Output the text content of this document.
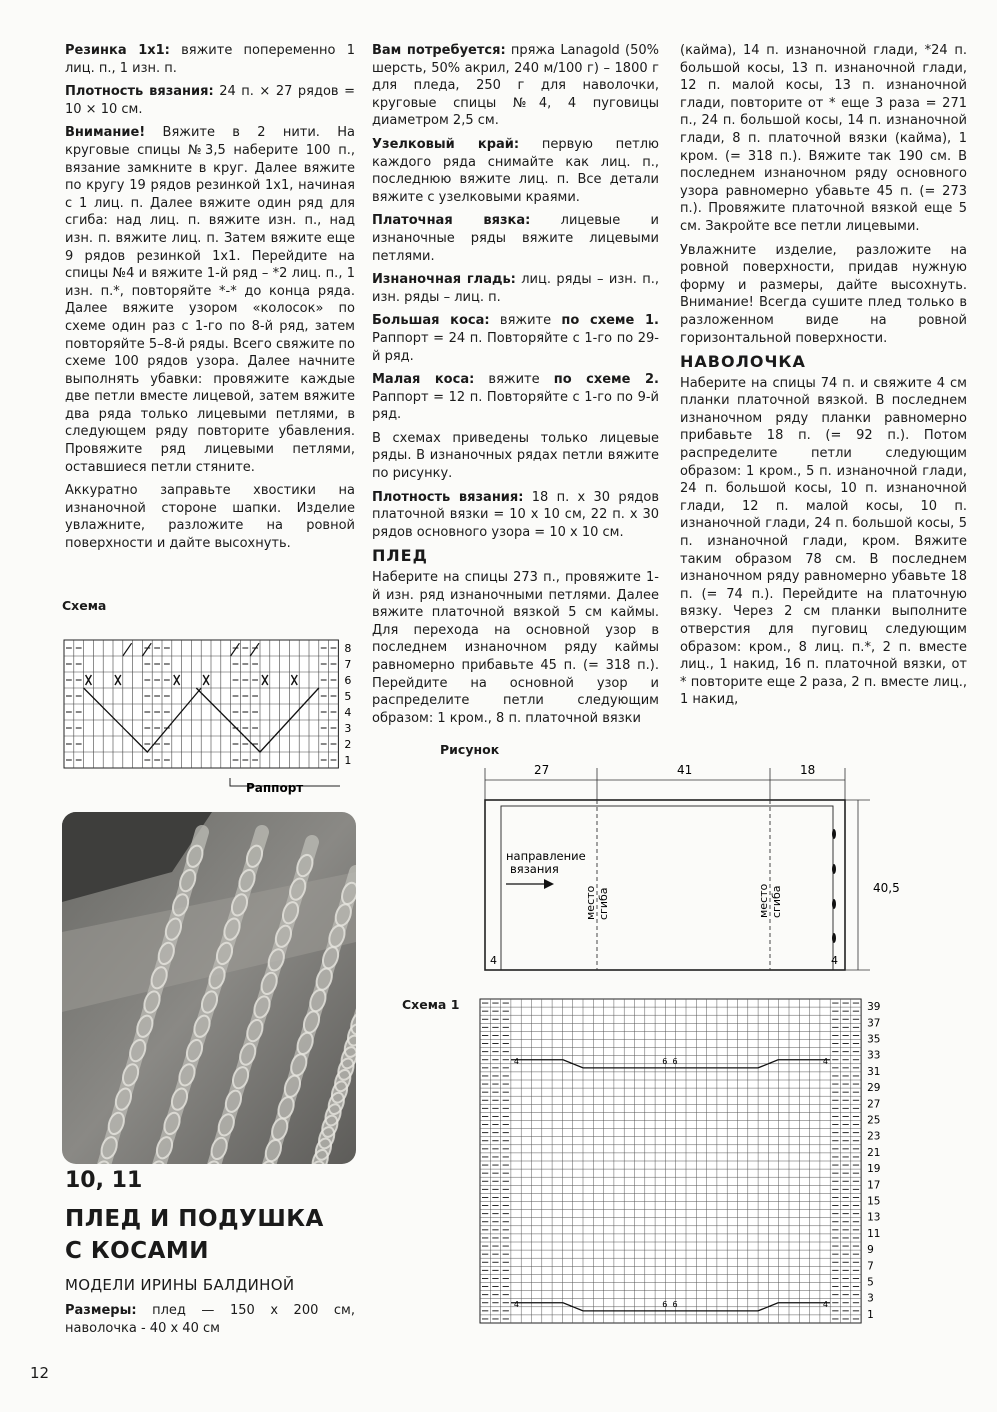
Резинка 1x1: вяжите попеременно 1 лиц. п., 1 изн. п.

Плотность вязания: 24 п. × 27 рядов = 10 × 10 см.

Внимание! Вяжите в 2 нити. На круговые спицы №3,5 наберите 100 п., вязание замкните в круг. Далее вяжите по кругу 19 рядов резинкой 1x1, начиная с 1 лиц. п. Далее вяжите один ряд для сгиба: над лиц. п. вяжите изн. п., над изн. п. вяжите лиц. п. Затем вяжите еще 9 рядов резинкой 1x1. Перейдите на спицы №4 и вяжите 1-й ряд – *2 лиц. п., 1 изн. п.*, повторяйте *-* до конца ряда. Далее вяжите узором «колосок» по схеме один раз с 1-го по 8-й ряд, затем повторяйте 5–8-й ряды. Всего свяжите по схеме 100 рядов узора. Далее начните выполнять убавки: провяжите каждые две петли вместе лицевой, затем вяжите два ряда только лицевыми петлями, в следующем ряду повторите убавления. Провяжите ряд лицевыми петлями, оставшиеся петли стяните.

Аккуратно заправьте хвостики на изнаночной стороне шапки. Изделие увлажните, разложите на ровной поверхности и дайте высохнуть.

Схема
1
2
3
4
5
6
7
8
Раппорт
10, 11
ПЛЕД И ПОДУШКА
С КОСАМИ
МОДЕЛИ ИРИНЫ БАЛДИНОЙ
Размеры: плед — 150 х 200 см, наволочка - 40 х 40 см
12

Вам потребуется: пряжа Lanagold (50% шерсть, 50% акрил, 240 м/100 г) – 1800 г для пледа, 250 г для наволочки, круговые спицы №4, 4 пуговицы диаметром 2,5 см.

Узелковый край: первую петлю каждого ряда снимайте как лиц. п., последнюю вяжите лиц. п. Все детали вяжите с узелковыми краями.

Платочная вязка: лицевые и изнаночные ряды вяжите лицевыми петлями.

Изнаночная гладь: лиц. ряды – изн. п., изн. ряды – лиц. п.

Большая коса: вяжите по схеме 1. Раппорт = 24 п. Повторяйте с 1-го по 29-й ряд.

Малая коса: вяжите по схеме 2. Раппорт = 12 п. Повторяйте с 1-го по 9-й ряд.

В схемах приведены только лицевые ряды. В изнаночных рядах петли вяжите по рисунку.

Плотность вязания: 18 п. х 30 рядов платочной вязки = 10 х 10 см, 22 п. х 30 рядов основного узора = 10 х 10 см.

ПЛЕД

Наберите на спицы 273 п., провяжите 1-й изн. ряд изнаночными петлями. Далее вяжите платочной вязкой 5 см каймы. Для перехода на основной узор в последнем изнаночном ряду каймы равномерно прибавьте 45 п. (= 318 п.). Перейдите на основной узор и распределите петли следующим образом: 1 кром., 8 п. платочной вязки

(кайма), 14 п. изнаночной глади, *24 п. большой косы, 13 п. изнаночной глади, 12 п. малой косы, 13 п. изнаночной глади, повторите от * еще 3 раза = 271 п., 24 п. большой косы, 14 п. изнаночной глади, 8 п. платочной вязки (кайма), 1 кром. (= 318 п.). Вяжите так 190 см. В последнем изнаночном ряду основного узора равномерно убавьте 45 п. (= 273 п.). Провяжите платочной вязкой еще 5 см. Закройте все петли лицевыми.

Увлажните изделие, разложите на ровной поверхности, придав нужную форму и размеры, дайте высохнуть. Внимание! Всегда сушите плед только в разложенном виде на ровной горизонтальной поверхности.

НАВОЛОЧКА

Наберите на спицы 74 п. и свяжите 4 см планки платочной вязкой. В последнем изнаночном ряду планки равномерно прибавьте 18 п. (= 92 п.). Потом распределите петли следующим образом: 1 кром., 5 п. изнаночной глади, 24 п. большой косы, 10 п. изнаночной глади, 12 п. малой косы, 10 п. изнаночной глади, 24 п. большой косы, 5 п. изнаночной глади, кром. Вяжите таким образом 78 см. В последнем изнаночном ряду равномерно убавьте 18 п. (= 74 п.). Перейдите на платочную вязку. Через 2 см планки выполните отверстия для пуговиц следующим образом: кром., 8 лиц. п.*, 2 п. вместе лиц., 1 накид, 16 п. платочной вязки, от * повторите еще 2 раза, 2 п. вместе лиц., 1 накид,

Рисунок
27	41	18
40,5
направление
вязания
место сгиба	место сгиба
4	4
Схема 1	39
37
35
33
31
29
27
25
23
21
19
17
15
13
11
9
7
5
3
1
4	4
6 6
4	4
6 6
